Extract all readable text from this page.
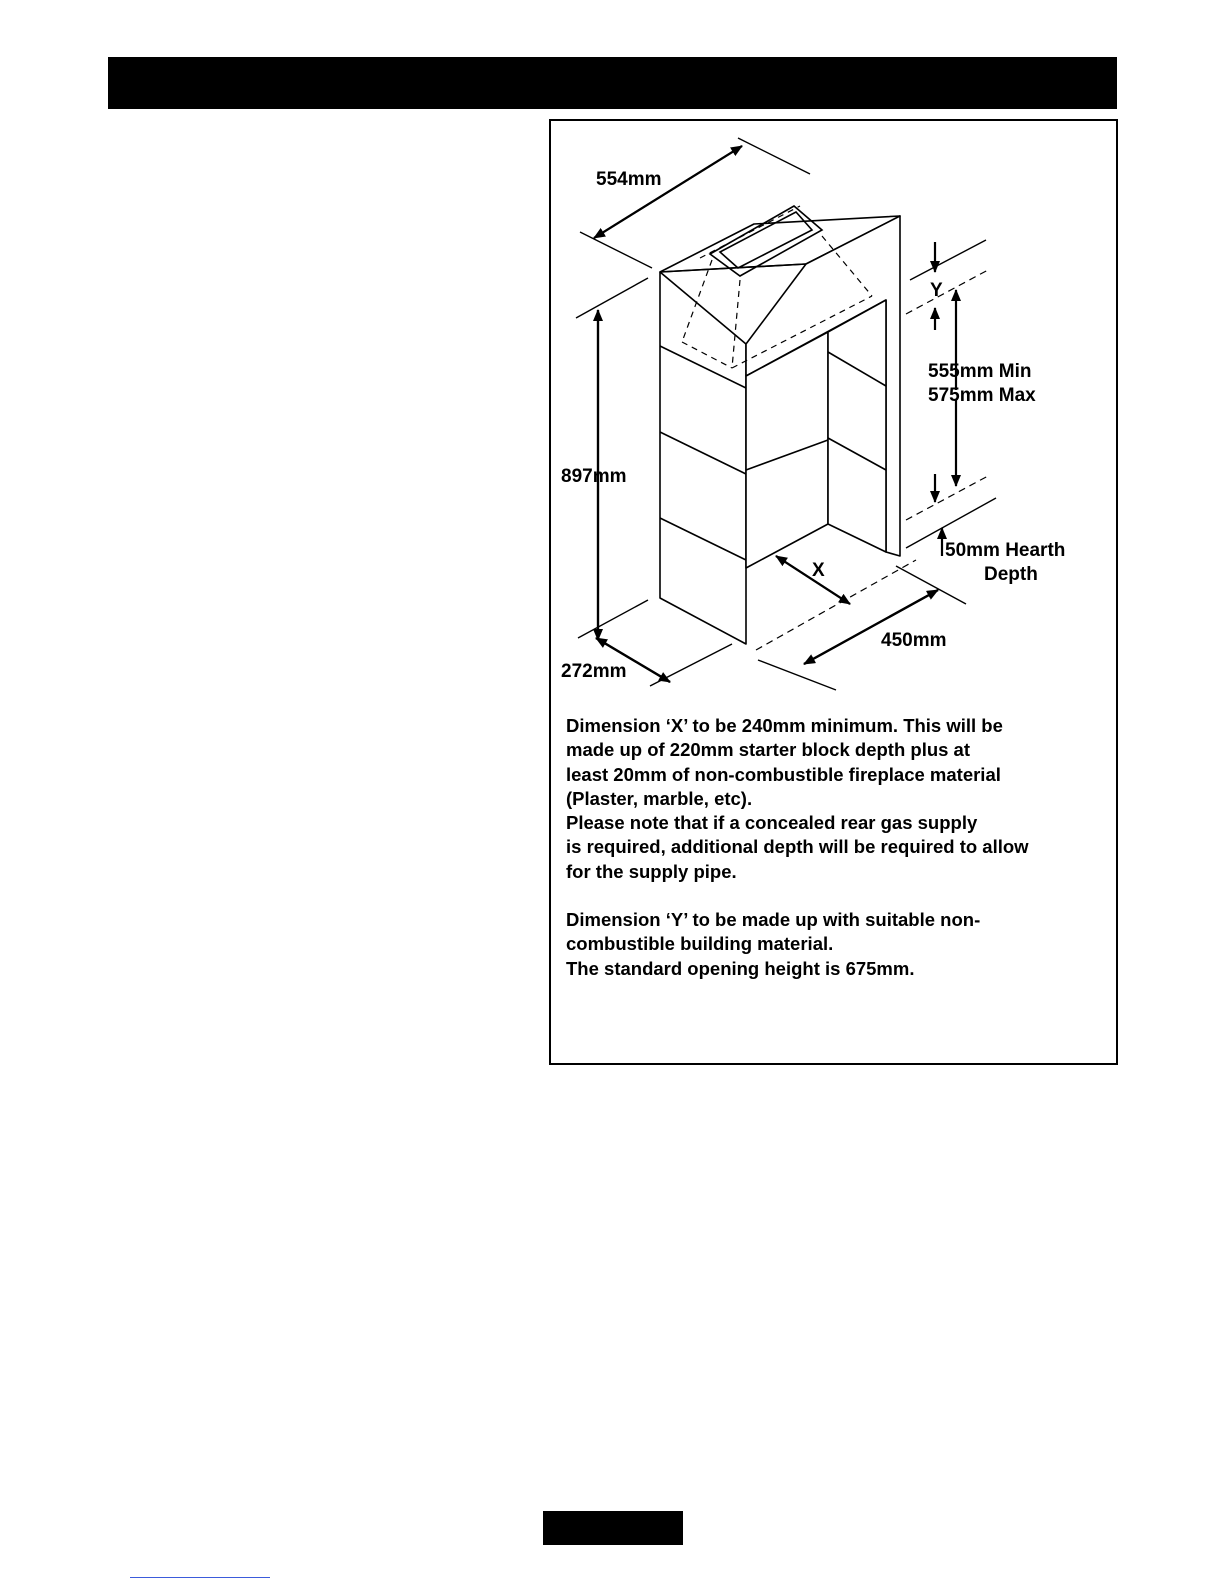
554mm
897mm
272mm
Y
X
555mm Min
575mm Max
50mm Hearth
Depth
450mm

Dimension ‘X’ to be 240mm minimum. This will be

made up of 220mm starter block depth plus at

least 20mm of non-combustible fireplace material

(Plaster, marble, etc).

Please note that if a concealed rear gas supply

is required, additional depth will be required to allow

for the supply pipe.

Dimension ‘Y’ to be made up with suitable non-

combustible building material.

The standard opening height is 675mm.
